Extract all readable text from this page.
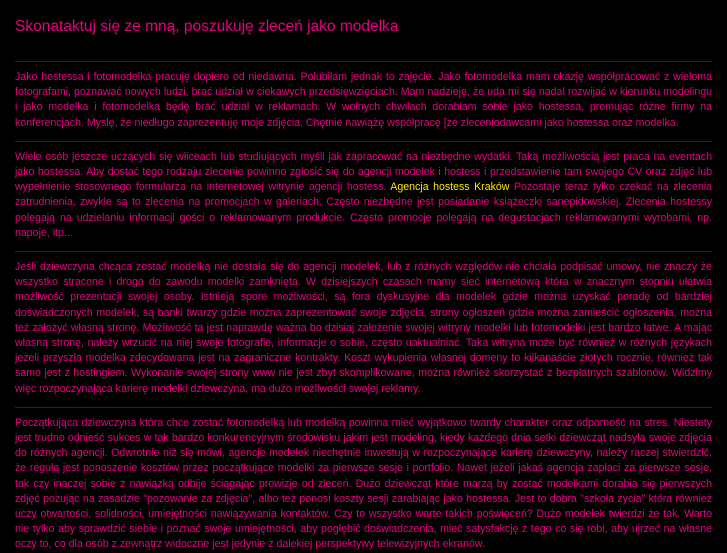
Skonataktuj się ze mną, poszukuję zleceń jako modelka

Jako hostessa i fotomodelka pracuję dopiero od niedawna. Polubiłam jednak to zajęcie. Jako fotomodelka mam okazję współpracować z wieloma fotografami, poznawać nowych ludzi, brać udział w ciekawych przedsięwzięciach. Mam nadzieję, że uda mi się nadal rozwijać w kierunku modelingu i jako modelka i fotomodelka będę brać udział w reklamach. W wolnych chwilach dorabiam sobie jako hostessa, promując różne firmy na konferencjach. Myslę, że niedługo zaprezentuję moje zdjęcia. Chętnie nawiążę współpracę [ze zleceniodawcami jako hostessa oraz modelka.

Wiele osób jeszcze uczących się włiceach lub studiujących myśli jak zapracować na niezbędne wydatki. Taką możliwością jest praca na eventach jako hostessa. Aby dostać tego rodzaju zlecenie powinno zgłosić się do agencji modelek i hostess i przedstawienie tam swojego CV oraz zdjęć lub wypełnienie stosownego formularza na internetowej witrynie agencji hostess. Agencja hostess Kraków Pozostaje teraz tylko czekać na zlecenia zatrudnienia, zwykle są to zlecenia na promocjach w galeriach. Często niezbędne jest posiadanie książeczki sanepidowskiej. Zlecenia hostessy polegają na udzielaniu informacji gości o reklamowanym produkcie. Często promocje polegają na degustacjach reklamowanymi wyrobami, np. napoje, itp...

Jeśli dziewczyna chcąca zostać modelką nie dostała się do agencji modelek, lub z różnych względów nie chciała podpisać umowy, nie znaczy że wszystko stracone i droga do zawodu modelki zamknięta. W dzisiejszych czasach mamy sieć internetową która w znacznym stopniu ułatwia możliwość prezentacji swojej osoby. Istnieją spore możliwości, są fora dyskusyjne dla modelek gdzie można uzyskać poradę od bardziej doświadczonych modelek, są banki twarzy gdzie można zaprezentować swoje zdjęcia, strony ogłoszeń gdzie można zamieścić ogłoszenia, można też założyć własną stronę. Możliwość ta jest naprawdę ważna bo dzisiaj założenie swojej witryny modelki lub fotomodelki jest bardzo łatwe. A mając własną stronę, należy wrzucić na niej swoje fotografie, informacje o sobie, często uaktualniać. Taka witryna może być również w różnych językach jeżeli przyszła modelka zdecydowana jest na zagraniczne kontrakty. Koszt wykupienia własnej domeny to kilkanaście złotych rocznie, również tak samo jest z hostingiem. Wykonanie swojej strony www nie jest zbyt skomplikowane, można również skorzystać z bezpłatnych szablonów. Widzimy więc rozpoczynająca karierę modelki dziewczyna, ma dużo możliwości swojej reklamy.

Początkująca dziewczyna która chce zostać fotomodelką lub modelką powinna mieć wyjątkowo twardy charakter oraz odporność na stres. Niestety jest trudno odnieść sukces w tak bardzo konkurencyjnym środowisku jakim jest modeling, kiedy każdego dnia setki dziewcząt nadsyła swoje zdjęcia do różnych agencji. Odwrotnie niż się mówi, agencje modelek niechętnie inwestują w rozpoczynające karierę dziewczyny, należy raczej stwierdzić, że regułą jest ponoszenie kosztów przez początkujące modelki za pierwsze sesje i portfolio. Nawet jeżeli jakaś agencja zapłaci za pierwsze sesje, tak czy inaczej sobie z nawiązką odbije ściągając prowizje od zleceń. Dużo dziewcząt które marzą by zostać modelkami dorabia się pierwszych zdjęć pozując na zasadzie "pozowanie za zdjęcia", albo też ponosi koszty sesji zarabiając jako hostessa. Jest to dobra "szkoła życia" która również uczy otwartości, solidności, umiejętności nawiązywania kontaktów. Czy to wszystko warte takich poświęceń? Dużo modelek twierdzi że tak. Warto nie tylko aby sprawdzić siebie i poznać swoje umiejętności, aby pogłębić doświadczenia, mieć satysfakcję z tego co się robi, aby ujrzeć na własne oczy to, co dla osób z zewnątrz widoczne jest jedynie z dalekiej perspektywy telewizyjnych ekranów.
